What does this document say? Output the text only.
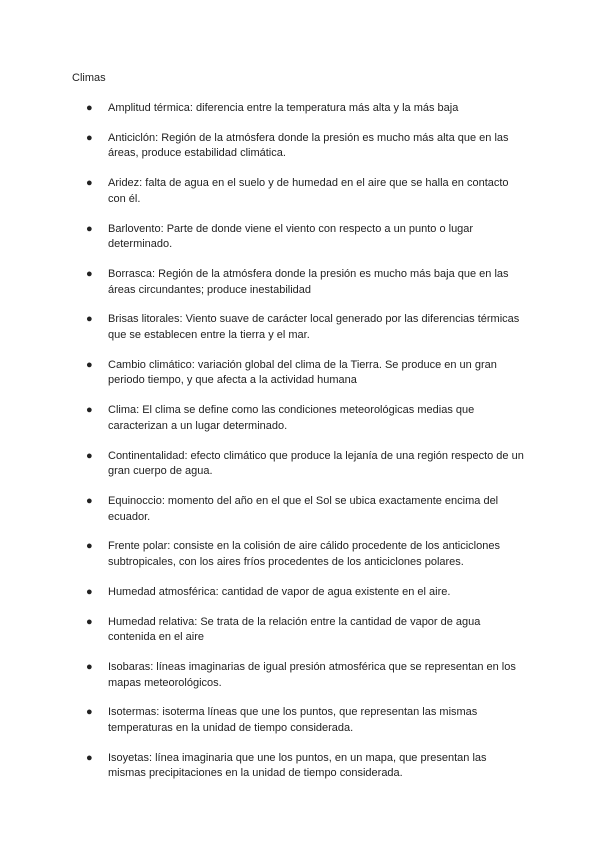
Climas
● Amplitud térmica: diferencia entre la temperatura más alta y la más baja
● Anticiclón: Región de la atmósfera donde la presión es mucho más alta que en las áreas, produce estabilidad climática.
● Aridez: falta de agua en el suelo y de humedad en el aire que se halla en contacto con él.
● Barlovento: Parte de donde viene el viento con respecto a un punto o lugar determinado.
● Borrasca: Región de la atmósfera donde la presión es mucho más baja que en las áreas circundantes; produce inestabilidad
● Brisas litorales: Viento suave de carácter local generado por las diferencias térmicas que se establecen entre la tierra y el mar.
● Cambio climático: variación global del clima de la Tierra. Se produce en un gran periodo tiempo, y que afecta a la actividad humana
● Clima: El clima se define como las condiciones meteorológicas medias que caracterizan a un lugar determinado.
● Continentalidad: efecto climático que produce la lejanía de una región respecto de un gran cuerpo de agua.
● Equinoccio: momento del año en el que el Sol se ubica exactamente encima del ecuador.
● Frente polar: consiste en la colisión de aire cálido procedente de los anticiclones subtropicales, con los aires fríos procedentes de los anticiclones polares.
● Humedad atmosférica: cantidad de vapor de agua existente en el aire.
● Humedad relativa: Se trata de la relación entre la cantidad de vapor de agua contenida en el aire
● Isobaras: líneas imaginarias de igual presión atmosférica que se representan en los mapas meteorológicos.
● Isotermas: isoterma líneas que une los puntos, que representan las mismas temperaturas en la unidad de tiempo considerada.
● Isoyetas: línea imaginaria que une los puntos, en un mapa, que presentan las mismas precipitaciones en la unidad de tiempo considerada.
